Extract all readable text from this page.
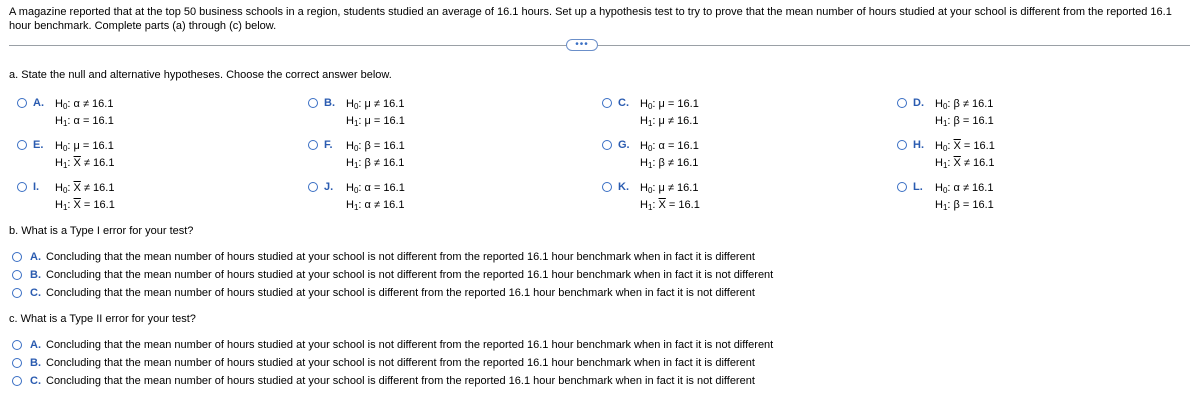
A magazine reported that at the top 50 business schools in a region, students studied an average of 16.1 hours. Set up a hypothesis test to try to prove that the mean number of hours studied at your school is different from the reported 16.1 hour benchmark. Complete parts (a) through (c) below.
•••
a. State the null and alternative hypotheses. Choose the correct answer below.
A.	$H_0$: α ≠ 16.1
$H_1$: α = 16.1
B.	$H_0$: μ ≠ 16.1
$H_1$: μ = 16.1
C.	$H_0$: μ = 16.1
$H_1$: μ ≠ 16.1
D.	$H_0$: β ≠ 16.1
$H_1$: β = 16.1
E.	$H_0$: μ = 16.1
$H_1$: $\overline{X} \ne 16.1$
F.	$H_0$: β = 16.1
$H_1$: β ≠ 16.1
G. $H_0$: α = 16.1
$H_1$: β ≠ 16.1
H.	$H_0$: $\overline{X} = 16.1$
$H_1$: $\overline{X} \ne 16.1$
I.	$H_0$: $\overline{X} \ne 16.1$
$H_1$: $\overline{X} = 16.1$
J.	$H_0$: α = 16.1
$H_1$: α ≠ 16.1
K.	$H_0$: μ ≠ 16.1
$H_1$: $\overline{X} = 16.1$
L.	$H_0$: α ≠ 16.1
$H_1$: β = 16.1
b. What is a Type I error for your test?
A. Concluding that the mean number of hours studied at your school is not different from the reported 16.1 hour benchmark when in fact it is different
B. Concluding that the mean number of hours studied at your school is not different from the reported 16.1 hour benchmark when in fact it is not different
C. Concluding that the mean number of hours studied at your school is different from the reported 16.1 hour benchmark when in fact it is not different
c. What is a Type II error for your test?
A. Concluding that the mean number of hours studied at your school is not different from the reported 16.1 hour benchmark when in fact it is not different
B. Concluding that the mean number of hours studied at your school is not different from the reported 16.1 hour benchmark when in fact it is different
C. Concluding that the mean number of hours studied at your school is different from the reported 16.1 hour benchmark when in fact it is not different
